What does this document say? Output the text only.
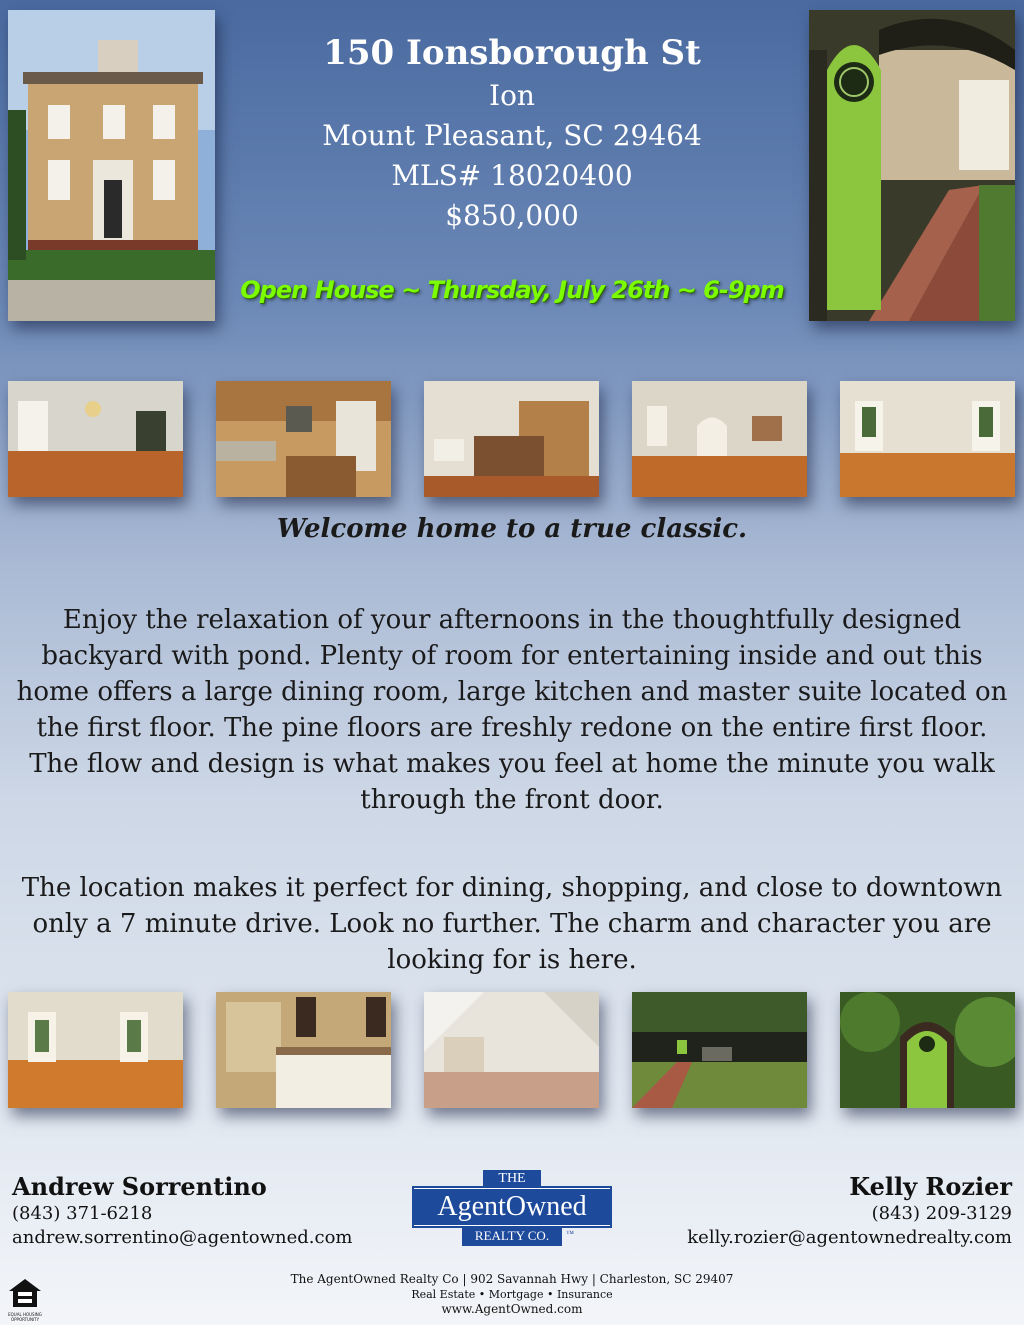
150 Ionsborough St
Ion
Mount Pleasant, SC 29464
MLS# 18020400
$850,000
Open House ~ Thursday, July 26th ~ 6-9pm
Welcome home to a true classic.
Enjoy the relaxation of your afternoons in the thoughtfully designed backyard with pond. Plenty of room for entertaining inside and out this home offers a large dining room, large kitchen and master suite located on the first floor. The pine floors are freshly redone on the entire first floor. The flow and design is what makes you feel at home the minute you walk through the front door.
The location makes it perfect for dining, shopping, and close to downtown only a 7 minute drive. Look no further. The charm and character you are looking for is here.
Andrew Sorrentino
(843) 371-6218
andrew.sorrentino@agentowned.com
Kelly Rozier
(843) 209-3129
kelly.rozier@agentownedrealty.com
THE
AgentOwned
REALTY CO. ™
The AgentOwned Realty Co | 902 Savannah Hwy | Charleston, SC 29407
Real Estate • Mortgage • Insurance
www.AgentOwned.com
EQUAL HOUSING
OPPORTUNITY
